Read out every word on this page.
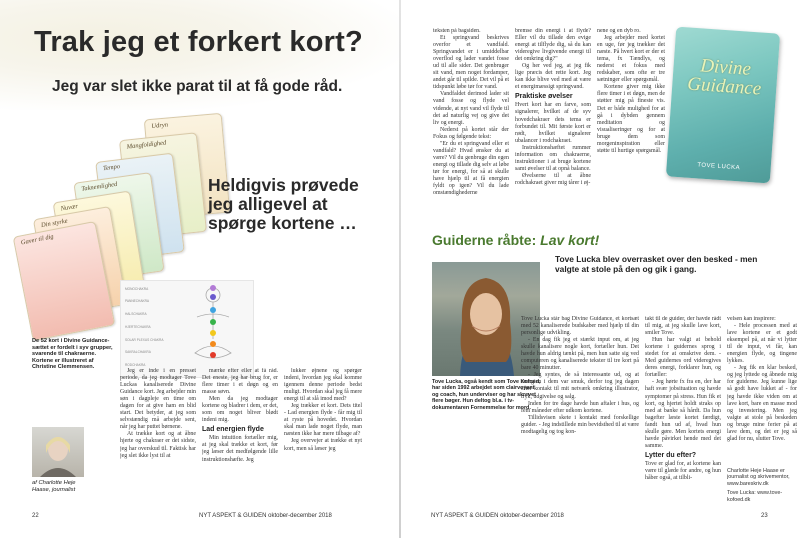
Trak jeg et forkert kort?
Jeg var slet ikke parat til at få gode råd.
Udryn
Mangfoldighed
Tempo
Taknemlighed
Nuvær
Din styrke
Gaver til dig
MONOCHAKRA
PANNECHAKRA
HALSCHAKRA
HJERTECHAKRA
SOLAR PLEXUS CHAKRA
SAKRALCHAKRA
RODCHAKRA
Heldigvis prøvede jeg alligevel at spørge kortene …
De 52 kort i Divine Guidance-sættet er fordelt i syv grupper, svarende til chakraerne. Kortene er illustreret af Christine Clemmensen.
af Charlotte Heje Haase, journalist

Jeg er inde i en presset periode, da jeg modtager Tove Luckas kanaliserede Divine Guidance kort. Jeg arbejder min søn i dagpleje en time om dagen for at give ham en blid start. Det betyder, at jeg som selvstændig må arbejde sent, når jeg har puttet børnene.

At trække kort og at åbne hjerte og chakraer er det sidste, jeg har overskud til. Faktisk har jeg slet ikke lyst til at

mærke efter eller at få råd. Det eneste, jeg har brug for, er flere timer i et døgn og en masse søvn.

Men da jeg modtager kortene og bladrer i dem, er det, som om noget bliver blødt indeni mig.

Lad energien flyde

Min intuition fortæller mig, at jeg skal trække et kort, før jeg læser det medfølgende lille instruktionshæfte. Jeg

lukker øjnene og spørger indeni, hvordan jeg skal komme igennem denne periode bedst muligt. Hvordan skal jeg få mere energi til at slå imod med?

Jeg trækker et kort. Dets titel - Lad energien flyde - får mig til at ryste på hovedet. Hvordan skal man lade noget flyde, man næsten ikke har mere tilbage af?

Jeg overvejer at trække et nyt kort, men så læser jeg

22	NYT ASPEKT & GUIDEN oktober-december 2018

teksten på bagsiden.

Et springvand beskrives overfor et vandfald. Springvandet er i umiddelbar overflod og lader vandet fosse ud til alle sider. Det genbruger sit vand, men noget fordamper, andet går til spilde. Det vil på et tidspunkt løbe tør for vand.

Vandfaldet derimod lader sit vand fosse og flyde vel vidende, at nyt vand vil flyde til det ad naturlig vej og give det liv og energi.

Nederst på kortet står der Fokus og følgende tekst:

"Er du et springvand eller et vandfald? Hvad ønsker du at være? Vil du genbruge din egen energi og tillade dig selv at løbe tør for energi, for så at skulle have hjælp til at få energien fyldt op igen? Vil du lade omstændighederne

bremse din energi i at flyde? Eller vil du tillade den evige energi at tilflyde dig, så du kan videregive livgivende energi til det omkring dig?"

Og her ved jeg, at jeg fik lige præcis det rette kort. Jeg kan ikke blive ved med at være et energimæssigt springvand.

Praktiske øvelser

Hvert kort har en farve, som signalerer, hvilket af de syv hovedchakraer dets tema er forbundet til. Mit første kort er rødt, hvilket signalerer ubalancer i rodchakraet.

Instruktionshæftet rummer information om chakraerne, instruktioner i at bruge kortene samt øvelser til at opnå balance.

Øvelserne til at åbne rodchakraet giver mig tårer i øj-

nene og en dyb ro.

Jeg arbejder med kortet en uge, før jeg trækker det næste. På hvert kort er der et tema, fx Tændlys, og nederst et fokus med redskaber, som ofte er tre sætninger eller spørgsmål.

Kortene giver mig ikke flere timer i et døgn, men de støtter mig på fineste vis. Det er både mulighed for at gå i dybden gennem meditation og visualiseringer og for at bruge dem som morgeninspiration eller støtte til hurtige spørgsmål.

Divine Guidance
TOVE LUCKA
Guiderne råbte: Lav kort!
Tove Lucka blev overrasket over den besked - men valgte at stole på den og gik i gang.
Tove Lucka, også kendt som Tove Kofoed, har siden 1992 arbejdet som clairvoyant og coach, hun underviser og har skrevet flere bøger. Hun deltog bl.a. i tv-dokumentaren Fornemmelse for mord.

Tove Lucka står bag Divine Guidance, et kortsæt med 52 kanaliserede budskaber med hjælp til din personlige udvikling.

- En dag fik jeg et stærkt input om, at jeg skulle kanalisere nogle kort, fortæller hun. Det havde hun aldrig tænkt på, men hun satte sig ved computeren og kanaliserede tekster til tre kort på bare 40 minutter.

- Jeg syntes, de så interessante ud, og at energien i dem var smuk, derfor tog jeg dagen efter kontakt til mit netværk omkring illustrator, tryk, udgivelse og salg.

Inden for tre dage havde hun aftaler i hus, og fem måneder efter udkom kortene.

Tillidsvisen skete i kontakt med forskellige guider. - Jeg indstillede min bevidsthed til at være modtagelig og tog kon-

takt til de guider, der havde rådt til mig, at jeg skulle lave kort, smiler Tove.

Hun har valgt at behold kortene i guidernes sprog i stedet for at omskrive dem. - Med guidernes ord videregives deres energi, forklarer hun, og fortæller:

- Jeg hørte fx fra en, der har haft svær jobsituation og havde symptomer på stress. Hun fik et kort, og hjertet holdt straks op med at banke så hårdt. Da hun bagefter læste kortet færdigt, fandt hun ud af, hvad hun skulle gøre. Men kortets energi havde påvirket hende med det samme.

Lytter du efter?

Tove er glad for, at kortene kan være til glæde for andre, og hun håber også, at tilbli-

velsen kan inspirere:

- Hele processen med at lave kortene er et godt eksempel på, at når vi lytter til de input, vi får, kan energien flyde, og tingene lykkes.

- Jeg fik en klar besked, og jeg lyttede og åbnede mig for guiderne. Jeg kunne lige så godt have lukket af - for jeg havde ikke viden om at lave kort, bare en masse mod og investering. Men jeg valgte at stole på beskeden og bruge mine ferier på at lave dem, og det er jeg så glad for nu, slutter Tove.

Charlotte Heje Haase er journalist og skrivementor, www.bareskriv.dk

Tove Lucka: www.tove-kofoed.dk

NYT ASPEKT & GUIDEN oktober-december 2018	23
